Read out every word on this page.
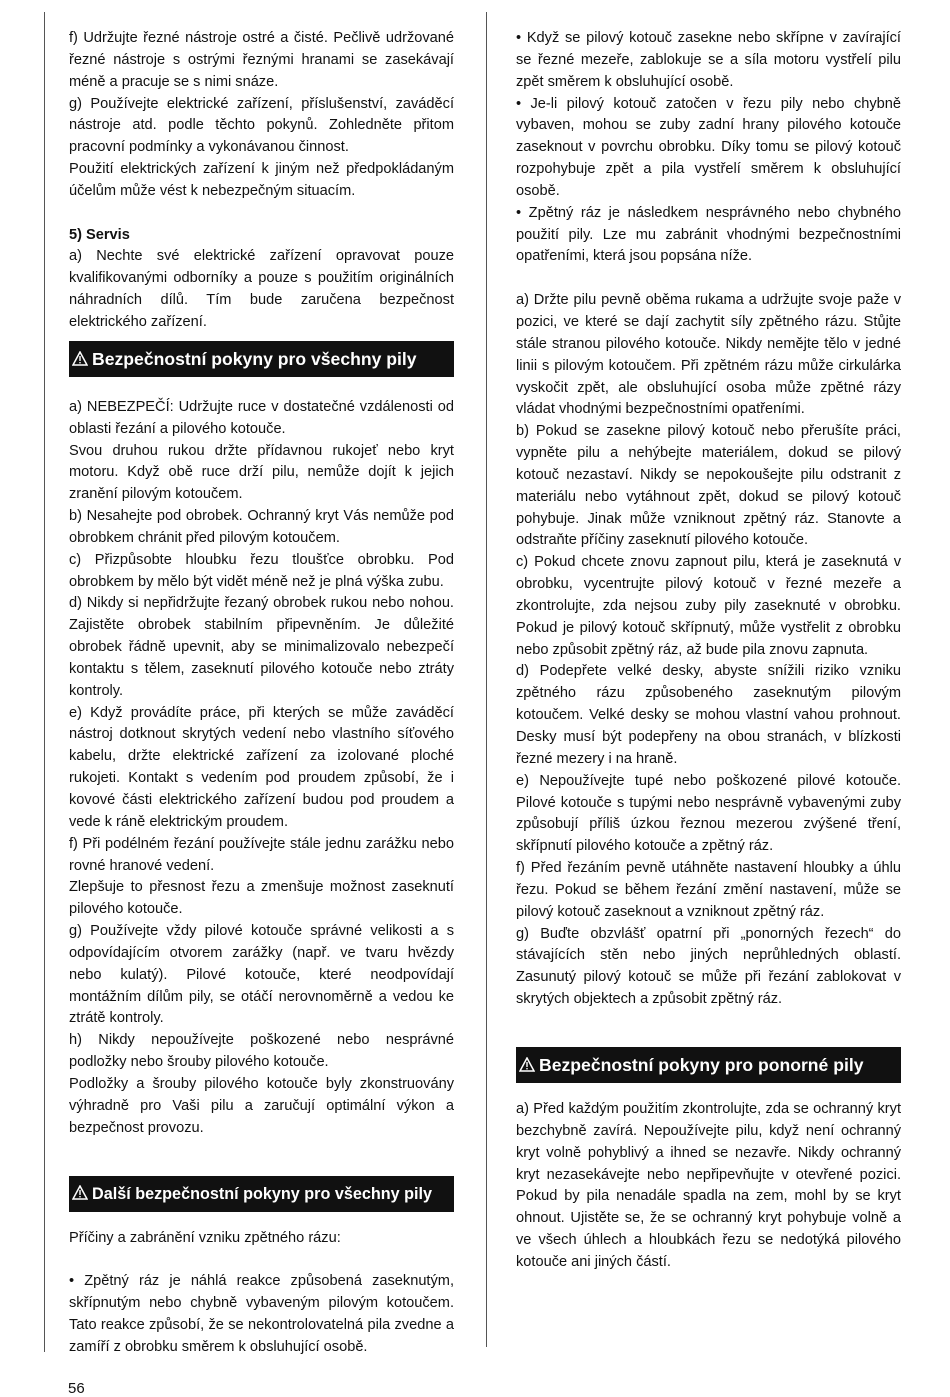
f) Udržujte řezné nástroje ostré a čisté. Pečlivě udržované řezné nástroje s ostrými řeznými hranami se zasekávají méně a pracuje se s nimi snáze.

g) Používejte elektrické zařízení, příslušenství, zaváděcí nástroje atd. podle těchto pokynů. Zohledněte přitom pracovní podmínky a vykonávanou činnost.

Použití elektrických zařízení k jiným než předpokládaným účelům může vést k nebezpečným situacím.

5) Servis

a) Nechte své elektrické zařízení opravovat pouze kvalifikovanými odborníky a pouze s použitím originálních náhradních dílů. Tím bude zaručena bezpečnost elektrického zařízení.

Bezpečnostní pokyny pro všechny pily

a) NEBEZPEČÍ: Udržujte ruce v dostatečné vzdálenosti od oblasti řezání a pilového kotouče.

Svou druhou rukou držte přídavnou rukojeť nebo kryt motoru. Když obě ruce drží pilu, nemůže dojít k jejich zranění pilovým kotoučem.

b) Nesahejte pod obrobek. Ochranný kryt Vás nemůže pod obrobkem chránit před pilovým kotoučem.

c) Přizpůsobte hloubku řezu tloušťce obrobku. Pod obrobkem by mělo být vidět méně než je plná výška zubu.

d) Nikdy si nepřidržujte řezaný obrobek rukou nebo nohou. Zajistěte obrobek stabilním připevněním. Je důležité obrobek řádně upevnit, aby se minimalizovalo nebezpečí kontaktu s tělem, zaseknutí pilového kotouče nebo ztráty kontroly.

e) Když provádíte práce, při kterých se může zaváděcí nástroj dotknout skrytých vedení nebo vlastního síťového kabelu, držte elektrické zařízení za izolované ploché rukojeti. Kontakt s vedením pod proudem způsobí, že i kovové části elektrického zařízení budou pod proudem a vede k ráně elektrickým proudem.

f) Při podélném řezání používejte stále jednu zarážku nebo rovné hranové vedení.

Zlepšuje to přesnost řezu a zmenšuje možnost zaseknutí pilového kotouče.

g) Používejte vždy pilové kotouče správné velikosti a s odpovídajícím otvorem zarážky (např. ve tvaru hvězdy nebo kulatý). Pilové kotouče, které neodpovídají montážním dílům pily, se otáčí nerovnoměrně a vedou ke ztrátě kontroly.

h) Nikdy nepoužívejte poškozené nebo nesprávné podložky nebo šrouby pilového kotouče.

Podložky a šrouby pilového kotouče byly zkonstruovány výhradně pro Vaši pilu a zaručují optimální výkon a bezpečnost provozu.

Další bezpečnostní pokyny pro všechny pily

Příčiny a zabránění vzniku zpětného rázu:

• Zpětný ráz je náhlá reakce způsobená zaseknutým, skřípnutým nebo chybně vybaveným pilovým kotoučem. Tato reakce způsobí, že se nekontrolovatelná pila zvedne a zamíří z obrobku směrem k obsluhující osobě.

• Když se pilový kotouč zasekne nebo skřípne v zavírající se řezné mezeře, zablokuje se a síla motoru vystřelí pilu zpět směrem k obsluhující osobě.

• Je-li pilový kotouč zatočen v řezu pily nebo chybně vybaven, mohou se zuby zadní hrany pilového kotouče zaseknout v povrchu obrobku. Díky tomu se pilový kotouč rozpohybuje zpět a pila vystřelí směrem k obsluhující osobě.

• Zpětný ráz je následkem nesprávného nebo chybného použití pily. Lze mu zabránit vhodnými bezpečnostními opatřeními, která jsou popsána níže.

a) Držte pilu pevně oběma rukama a udržujte svoje paže v pozici, ve které se dají zachytit síly zpětného rázu. Stůjte stále stranou pilového kotouče. Nikdy nemějte tělo v jedné linii s pilovým kotoučem. Při zpětném rázu může cirkulárka vyskočit zpět, ale obsluhující osoba může zpětné rázy vládat vhodnými bezpečnostními opatřeními.

b) Pokud se zasekne pilový kotouč nebo přerušíte práci, vypněte pilu a nehýbejte materiálem, dokud se pilový kotouč nezastaví. Nikdy se nepokoušejte pilu odstranit z materiálu nebo vytáhnout zpět, dokud se pilový kotouč pohybuje. Jinak může vzniknout zpětný ráz. Stanovte a odstraňte příčiny zaseknutí pilového kotouče.

c) Pokud chcete znovu zapnout pilu, která je zaseknutá v obrobku, vycentrujte pilový kotouč v řezné mezeře a zkontrolujte, zda nejsou zuby pily zaseknuté v obrobku. Pokud je pilový kotouč skřípnutý, může vystřelit z obrobku nebo způsobit zpětný ráz, až bude pila znovu zapnuta.

d) Podepřete velké desky, abyste snížili riziko vzniku zpětného rázu způsobeného zaseknutým pilovým kotoučem. Velké desky se mohou vlastní vahou prohnout. Desky musí být podepřeny na obou stranách, v blízkosti řezné mezery i na hraně.

e) Nepoužívejte tupé nebo poškozené pilové kotouče. Pilové kotouče s tupými nebo nesprávně vybavenými zuby způsobují příliš úzkou řeznou mezerou zvýšené tření, skřípnutí pilového kotouče a zpětný ráz.

f) Před řezáním pevně utáhněte nastavení hloubky a úhlu řezu. Pokud se během řezání změní nastavení, může se pilový kotouč zaseknout a vzniknout zpětný ráz.

g) Buďte obzvlášť opatrní při „ponorných řezech“ do stávajících stěn nebo jiných neprůhledných oblastí. Zasunutý pilový kotouč se může při řezání zablokovat v skrytých objektech a způsobit zpětný ráz.

Bezpečnostní pokyny pro ponorné pily

a) Před každým použitím zkontrolujte, zda se ochranný kryt bezchybně zavírá. Nepoužívejte pilu, když není ochranný kryt volně pohyblivý a ihned se nezavře. Nikdy ochranný kryt nezasekávejte nebo nepřipevňujte v otevřené pozici. Pokud by pila nenadále spadla na zem, mohl by se kryt ohnout. Ujistěte se, že se ochranný kryt pohybuje volně a ve všech úhlech a hloubkách řezu se nedotýká pilového kotouče ani jiných částí.

56
